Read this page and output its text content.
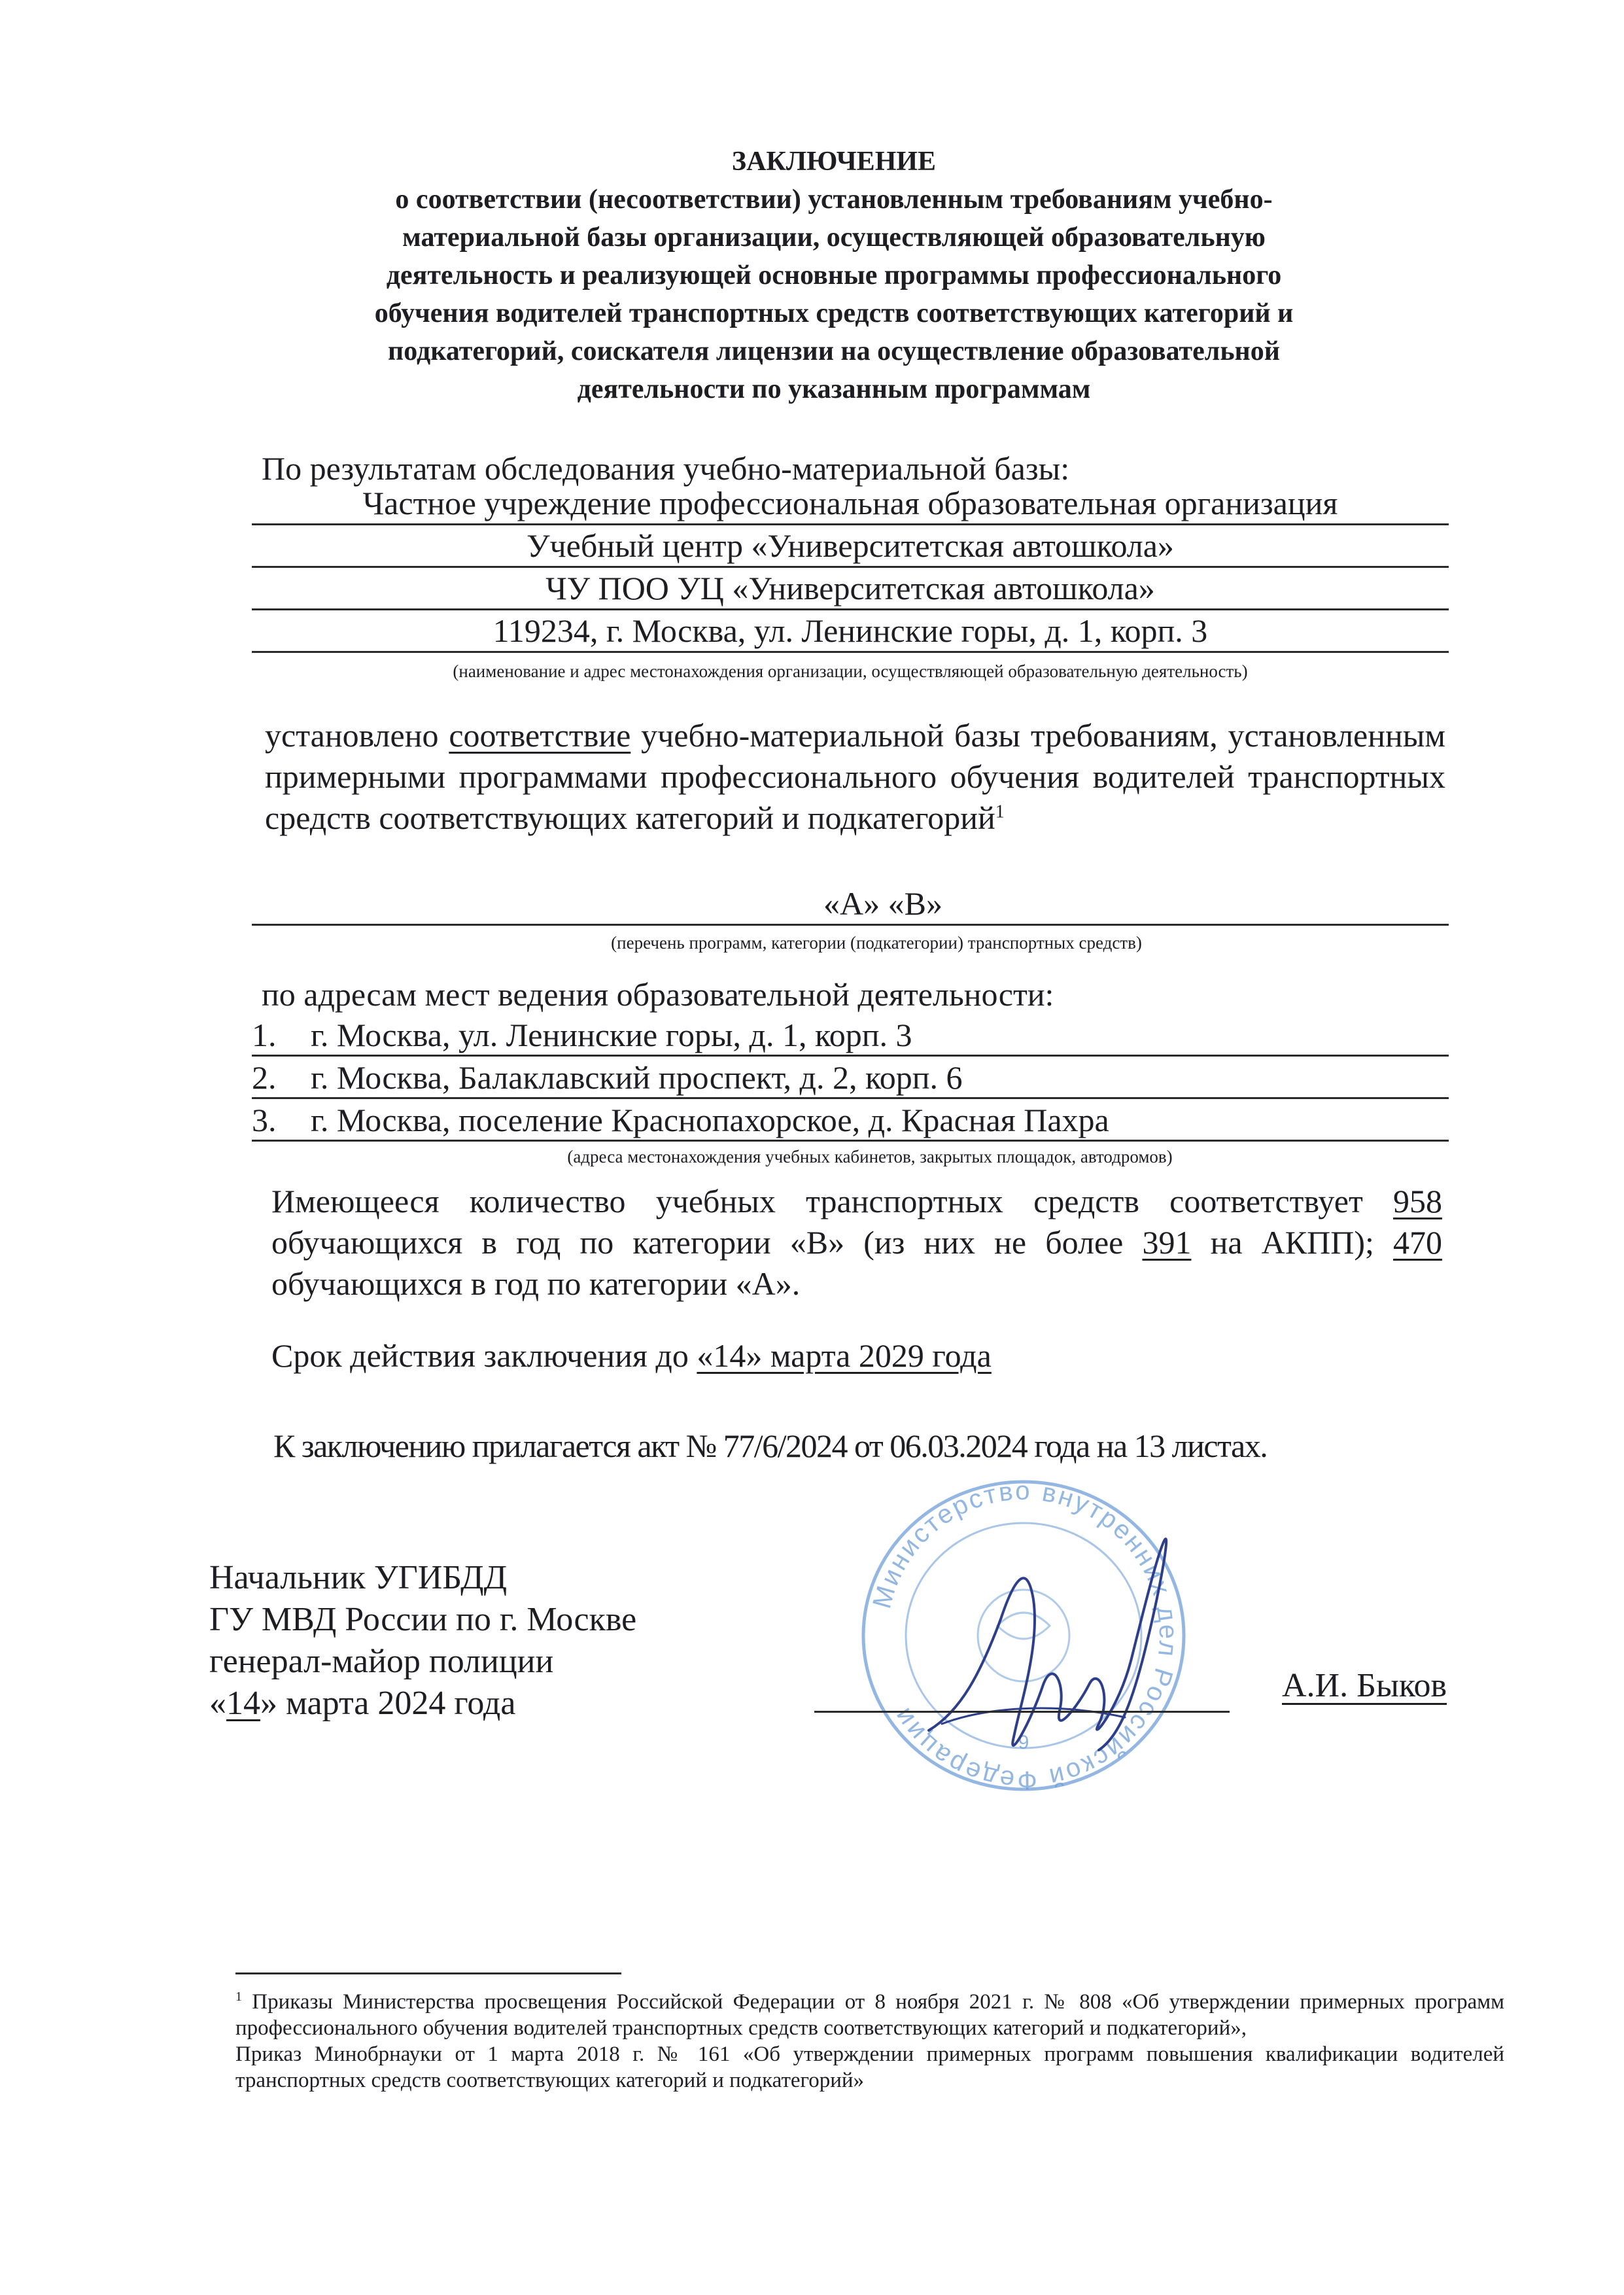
ЗАКЛЮЧЕНИЕ
о соответствии (несоответствии) установленным требованиям учебно-
материальной базы организации, осуществляющей образовательную
деятельность и реализующей основные программы профессионального
обучения водителей транспортных средств соответствующих категорий и
подкатегорий, соискателя лицензии на осуществление образовательной
деятельности по указанным программам
По результатам обследования учебно-материальной базы:
Частное учреждение профессиональная образовательная организация
Учебный центр «Университетская автошкола»
ЧУ ПОО УЦ «Университетская автошкола»
119234, г. Москва, ул. Ленинские горы, д. 1, корп. 3
(наименование и адрес местонахождения организации, осуществляющей образовательную деятельность)
установлено соответствие учебно-материальной базы требованиям, установленным примерными программами профессионального обучения водителей транспортных средств соответствующих категорий и подкатегорий$^1$
«А» «В»
(перечень программ, категории (подкатегории) транспортных средств)
по адресам мест ведения образовательной деятельности:
1. г. Москва, ул. Ленинские горы, д. 1, корп. 3
2. г. Москва, Балаклавский проспект, д. 2, корп. 6
3. г. Москва, поселение Краснопахорское, д. Красная Пахра
(адреса местонахождения учебных кабинетов, закрытых площадок, автодромов)
Имеющееся количество учебных транспортных средств соответствует 958 обучающихся в год по категории «В» (из них не более 391 на АКПП); 470 обучающихся в год по категории «А».
Срок действия заключения до «14» марта 2029 года
К заключению прилагается акт № 77/6/2024 от 06.03.2024 года на 13 листах.
Министерство внутренних дел Российской Федерации
9
Начальник УГИБДД
ГУ МВД России по г. Москве
генерал-майор полиции
«14» марта 2024 года	А.И. Быков

$^1$ Приказы Министерства просвещения Российской Федерации от 8 ноября 2021 г. № 808 «Об утверждении примерных программ профессионального обучения водителей транспортных средств соответствующих категорий и подкатегорий»,

Приказ Минобрнауки от 1 марта 2018 г. № 161 «Об утверждении примерных программ повышения квалификации водителей транспортных средств соответствующих категорий и подкатегорий»
